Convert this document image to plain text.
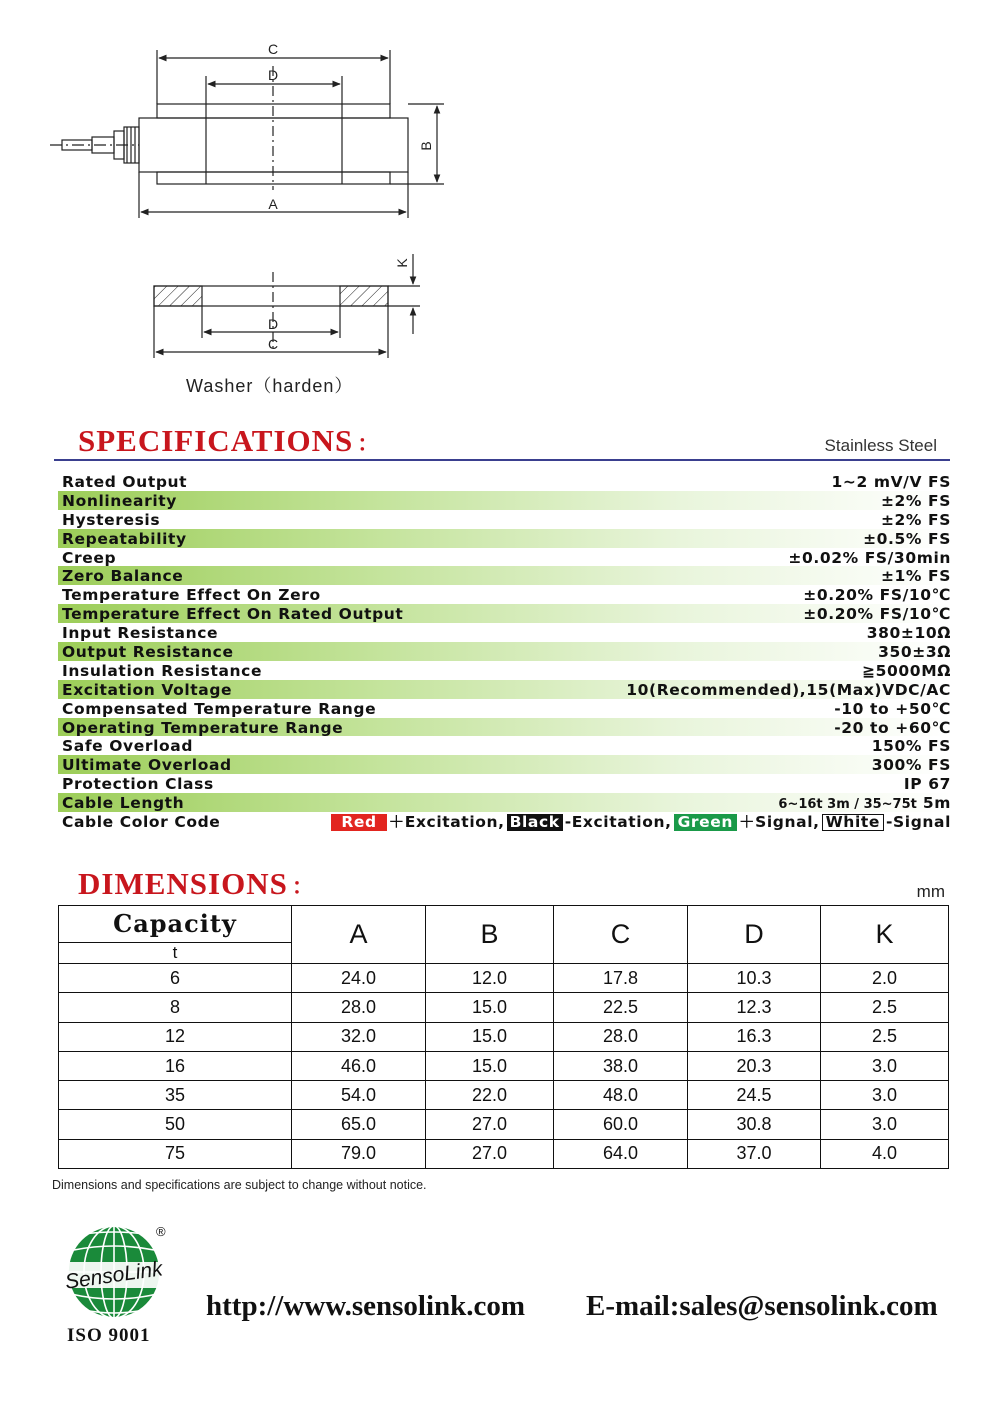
C
D
B
A
K
D
C
Washer（harden）
SPECIFICATIONS ：	Stainless Steel
Rated Output	1~2 mV/V FS
Nonlinearity	±2% FS
Hysteresis	±2% FS
Repeatability	±0.5% FS
Creep	±0.02% FS/30min
Zero Balance	±1% FS
Temperature Effect On Zero	±0.20% FS/10℃
Temperature Effect On Rated Output	±0.20% FS/10℃
Input Resistance	380±10Ω
Output Resistance	350±3Ω
Insulation Resistance	≧5000MΩ
Excitation Voltage	10(Recommended),15(Max)VDC/AC
Compensated Temperature Range	-10 to +50℃
Operating Temperature Range	-20 to +60℃
Safe Overload	150% FS
Ultimate Overload	300% FS
Protection Class	IP 67
Cable Length	6~16t 3m / 35~75t 5m
Cable Color Code	Red ＋Excitation, Black -Excitation, Green ＋Signal, White -Signal
DIMENSIONS ：	mm
Capacity
t	A	B	C	D	K
6	24.0	12.0	17.8	10.3	2.0
8	28.0	15.0	22.5	12.3	2.5
12	32.0	15.0	28.0	16.3	2.5
16	46.0	15.0	38.0	20.3	3.0
35	54.0	22.0	48.0	24.5	3.0
50	65.0	27.0	60.0	30.8	3.0
75	79.0	27.0	64.0	37.0	4.0
Dimensions and specifications are subject to change without notice.
SensoLink
®
ISO 9001
http://www.sensolink.com E-mail:sales@sensolink.com
